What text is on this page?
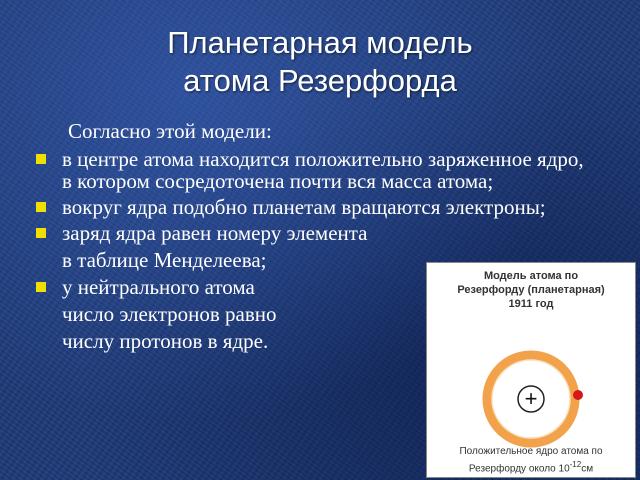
Планетарная модель
атома Резерфорда
Согласно этой модели:
в центре атома находится положительно заряженное ядро, в котором сосредоточена почти вся масса атома;
вокруг ядра подобно планетам вращаются электроны;
заряд ядра равен номеру элемента
в таблице Менделеева;
у нейтрального атома
число электронов равно
числу протонов в ядре.
Модель атома по
Резерфорду (планетарная)
1911 год
+
Положительное ядро атома по
Резерфорду около $10^{-12}см$
